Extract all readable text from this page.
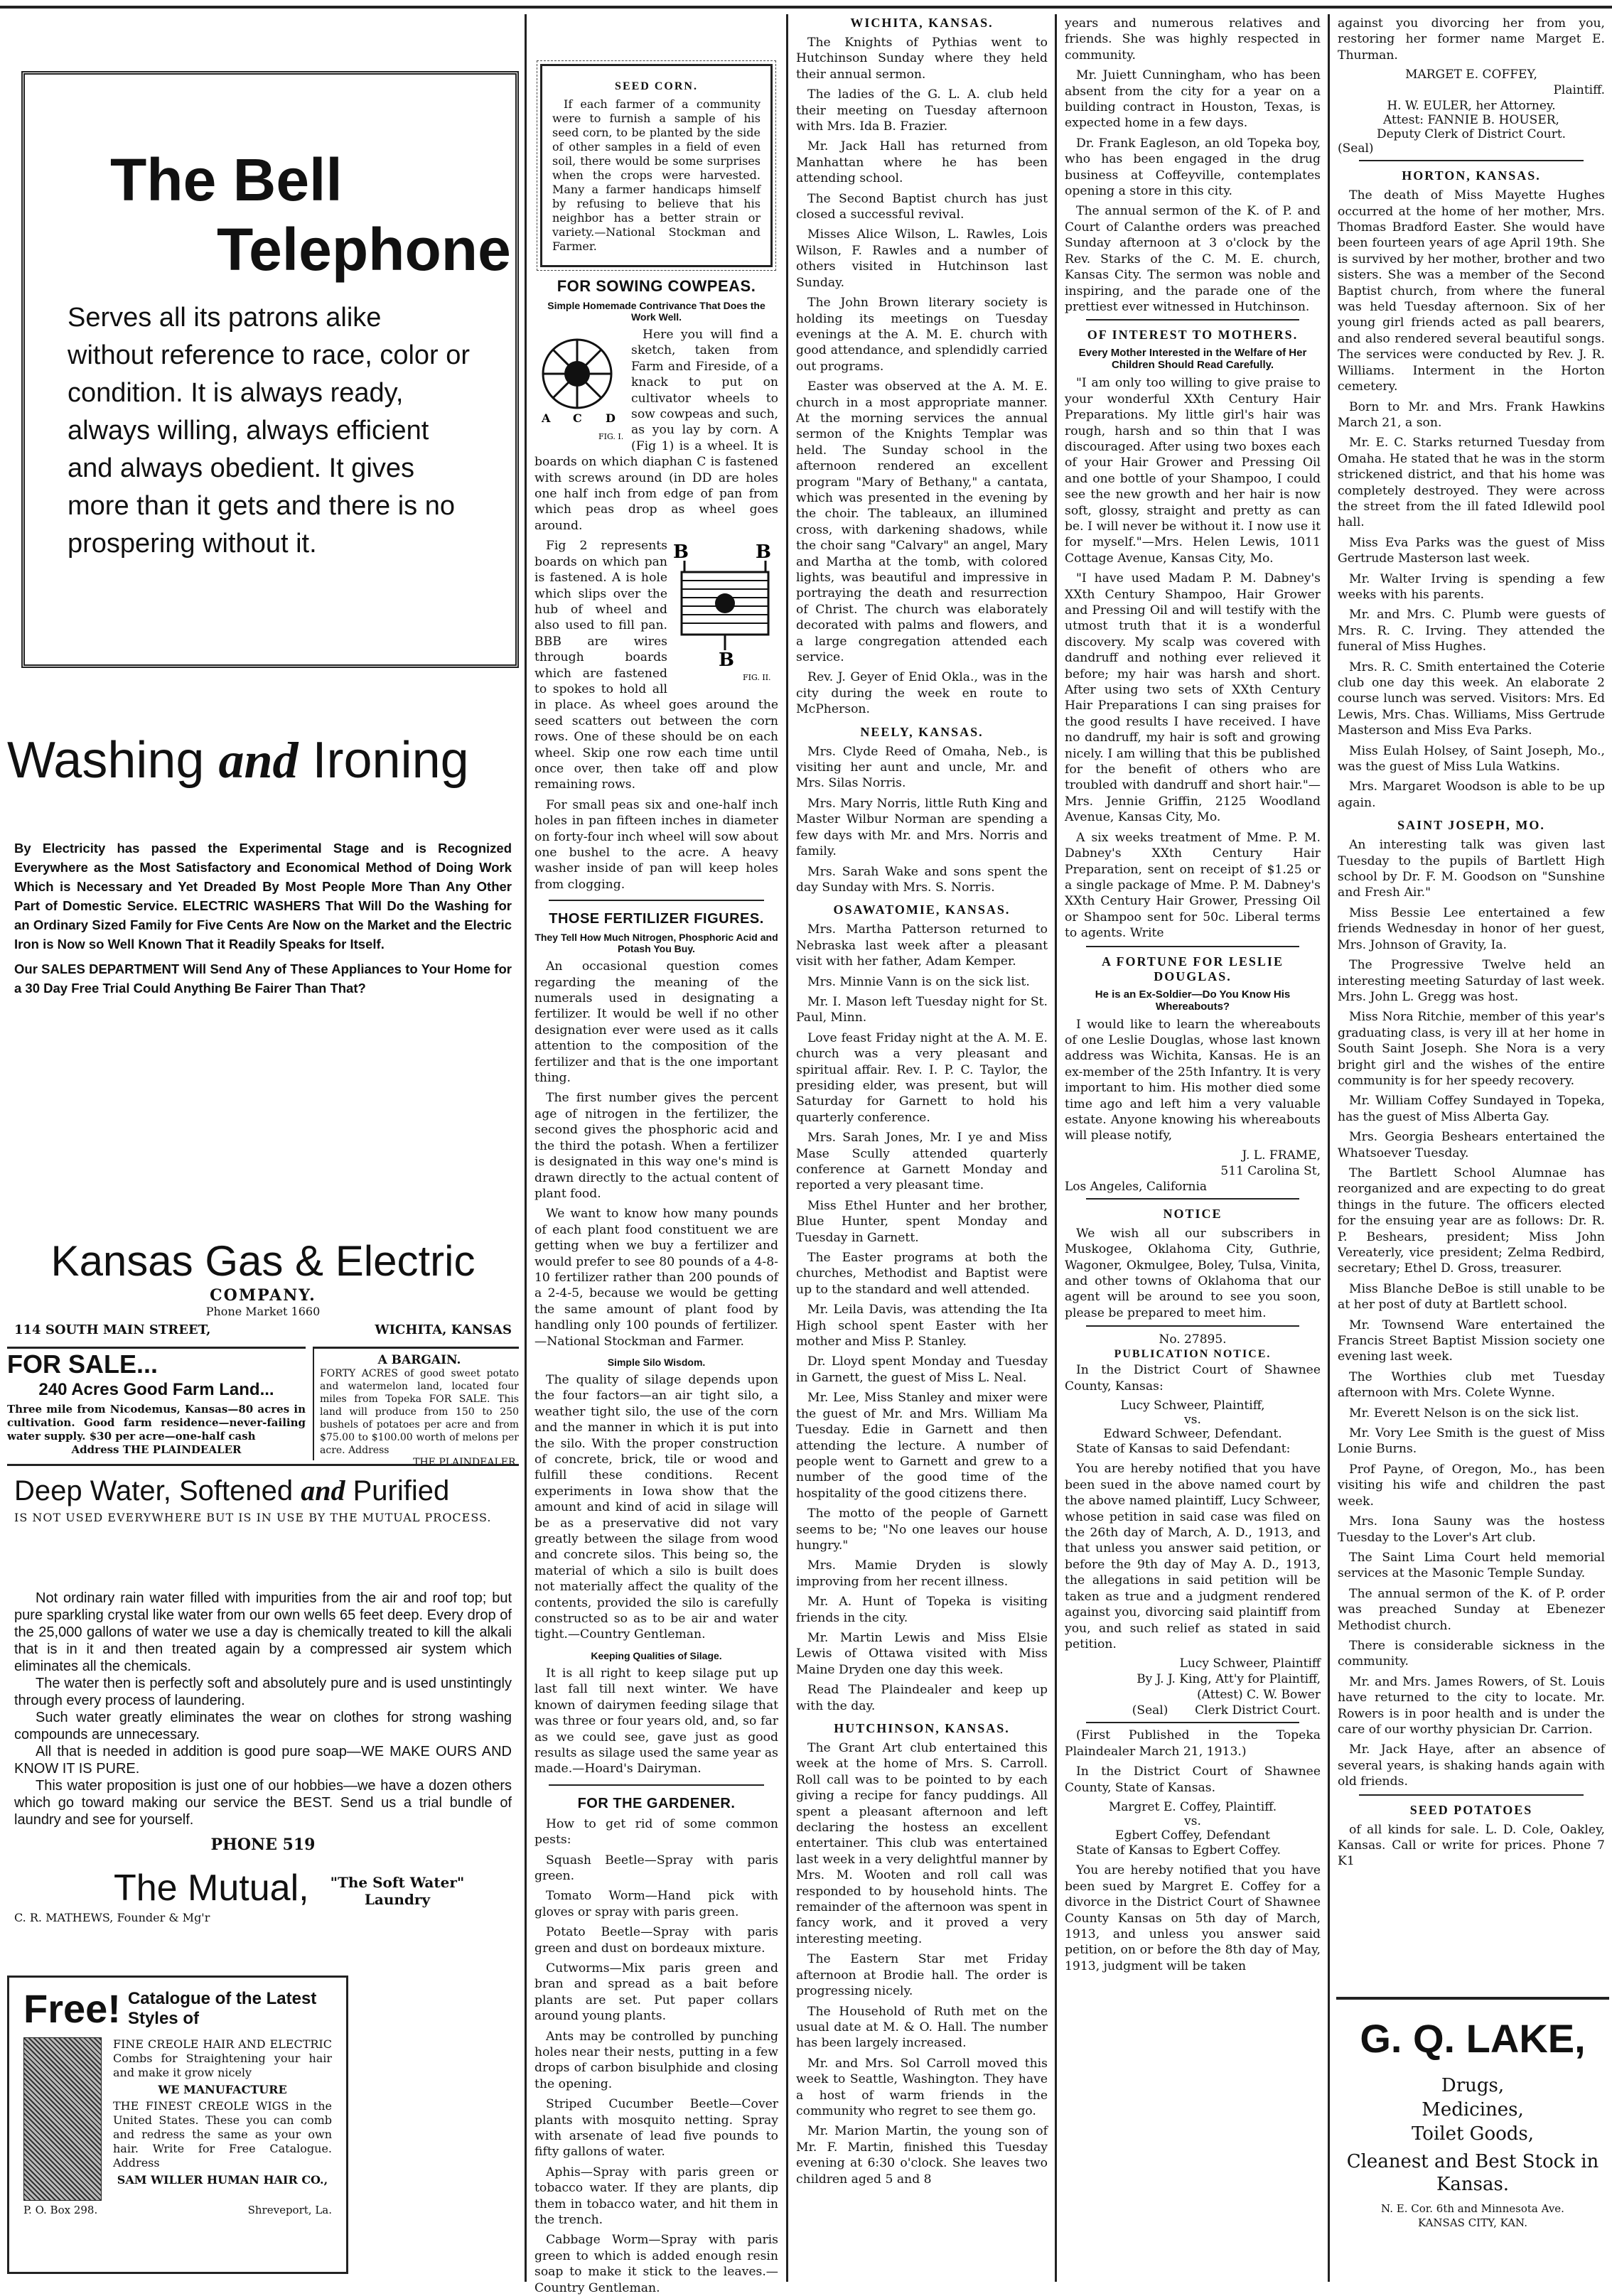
The Bell
Telephone
Serves all its patrons alike without reference to race, color or condition. It is always ready, always willing, always efficient and always obedient. It gives more than it gets and there is no prospering without it.
Washing and Ironing
By Electricity has passed the Experimental Stage and is Recognized Everywhere as the Most Satisfactory and Economical Method of Doing Work Which is Necessary and Yet Dreaded By Most People More Than Any Other Part of Domestic Service. ELECTRIC WASHERS That Will Do the Washing for an Ordinary Sized Family for Five Cents Are Now on the Market and the Electric Iron is Now so Well Known That it Readily Speaks for Itself.
Our SALES DEPARTMENT Will Send Any of These Appliances to Your Home for a 30 Day Free Trial Could Anything Be Fairer Than That?
Kansas Gas & Electric
COMPANY.
Phone Market 1660
114 SOUTH MAIN STREET,	WICHITA, KANSAS
FOR SALE...
240 Acres Good Farm Land...
Three mile from Nicodemus, Kansas—80 acres in cultivation. Good farm residence—never-failing water supply. $30 per acre—one-half cash
Address THE PLAINDEALER
A BARGAIN.
FORTY ACRES of good sweet potato and watermelon land, located four miles from Topeka FOR SALE. This land will produce from 150 to 250 bushels of potatoes per acre and from $75.00 to $100.00 worth of melons per acre. Address
THE PLAINDEALER.
Deep Water, Softened and Purified
IS NOT USED EVERYWHERE BUT IS IN USE BY THE MUTUAL PROCESS.
Not ordinary rain water filled with impurities from the air and roof top; but pure sparkling crystal like water from our own wells 65 feet deep. Every drop of the 25,000 gallons of water we use a day is chemically treated to kill the alkali that is in it and then treated again by a compressed air system which eliminates all the chemicals.
The water then is perfectly soft and absolutely pure and is used unstintingly through every process of laundering.
Such water greatly eliminates the wear on clothes for strong washing compounds are unnecessary.
All that is needed in addition is good pure soap—WE MAKE OURS AND KNOW IT IS PURE.
This water proposition is just one of our hobbies—we have a dozen others which go toward making our service the BEST. Send us a trial bundle of laundry and see for yourself.
PHONE 519
The Mutual, "The Soft Water"
Laundry
C. R. MATHEWS, Founder & Mg'r
Free! Catalogue of the Latest Styles of
FINE CREOLE HAIR AND ELECTRIC Combs for Straightening your hair and make it grow nicely
WE MANUFACTURE
THE FINEST CREOLE WIGS in the United States. These you can comb and redress the same as your own hair. Write for Free Catalogue. Address
SAM WILLER HUMAN HAIR CO.,
P. O. Box 298.	Shreveport, La.
SEED CORN.

If each farmer of a community were to furnish a sample of his seed corn, to be planted by the side of other samples in a field of even soil, there would be some surprises when the crops were harvested. Many a farmer handicaps himself by refusing to believe that his neighbor has a better strain or variety.—National Stockman and Farmer.

FOR SOWING COWPEAS.
Simple Homemade Contrivance That Does the Work Well.
A C D
FIG. I.

Here you will find a sketch, taken from Farm and Fireside, of a knack to put on cultivator wheels to sow cowpeas and such, as you lay by corn. A (Fig 1) is a wheel. It is boards on which diaphan C is fastened with screws around (in DD are holes one half inch from edge of pan from which peas drop as wheel goes around.

B	B
B
FIG. II.

Fig 2 represents boards on which pan is fastened. A is hole which slips over the hub of wheel and also used to fill pan. BBB are wires through boards which are fastened to spokes to hold all in place. As wheel goes around the seed scatters out between the corn rows. One of these should be on each wheel. Skip one row each time until once over, then take off and plow remaining rows.

For small peas six and one-half inch holes in pan fifteen inches in diameter on forty-four inch wheel will sow about one bushel to the acre. A heavy washer inside of pan will keep holes from clogging.

THOSE FERTILIZER FIGURES.
They Tell How Much Nitrogen, Phosphoric Acid and Potash You Buy.

An occasional question comes regarding the meaning of the numerals used in designating a fertilizer. It would be well if no other designation ever were used as it calls attention to the composition of the fertilizer and that is the one important thing.

The first number gives the percent age of nitrogen in the fertilizer, the second gives the phosphoric acid and the third the potash. When a fertilizer is designated in this way one's mind is drawn directly to the actual content of plant food.

We want to know how many pounds of each plant food constituent we are getting when we buy a fertilizer and would prefer to see 80 pounds of a 4-8-10 fertilizer rather than 200 pounds of a 2-4-5, because we would be getting the same amount of plant food by handling only 100 pounds of fertilizer.—National Stockman and Farmer.

Simple Silo Wisdom.

The quality of silage depends upon the four factors—an air tight silo, a weather tight silo, the use of the corn and the manner in which it is put into the silo. With the proper construction of concrete, brick, tile or wood and fulfill these conditions. Recent experiments in Iowa show that the amount and kind of acid in silage will be as a preservative did not vary greatly between the silage from wood and concrete silos. This being so, the material of which a silo is built does not materially affect the quality of the contents, provided the silo is carefully constructed so as to be air and water tight.—Country Gentleman.

Keeping Qualities of Silage.

It is all right to keep silage put up last fall till next winter. We have known of dairymen feeding silage that was three or four years old, and, so far as we could see, gave just as good results as silage used the same year as made.—Hoard's Dairyman.

FOR THE GARDENER.

How to get rid of some common pests:

Squash Beetle—Spray with paris green.

Tomato Worm—Hand pick with gloves or spray with paris green.

Potato Beetle—Spray with paris green and dust on bordeaux mixture.

Cutworms—Mix paris green and bran and spread as a bait before plants are set. Put paper collars around young plants.

Ants may be controlled by punching holes near their nests, putting in a few drops of carbon bisulphide and closing the opening.

Striped Cucumber Beetle—Cover plants with mosquito netting. Spray with arsenate of lead five pounds to fifty gallons of water.

Aphis—Spray with paris green or tobacco water. If they are plants, dip them in tobacco water, and hit them in the trench.

Cabbage Worm—Spray with paris green to which is added enough resin soap to make it stick to the leaves.—Country Gentleman.

WICHITA, KANSAS.

The Knights of Pythias went to Hutchinson Sunday where they held their annual sermon.

The ladies of the G. L. A. club held their meeting on Tuesday afternoon with Mrs. Ida B. Frazier.

Mr. Jack Hall has returned from Manhattan where he has been attending school.

The Second Baptist church has just closed a successful revival.

Misses Alice Wilson, L. Rawles, Lois Wilson, F. Rawles and a number of others visited in Hutchinson last Sunday.

The John Brown literary society is holding its meetings on Tuesday evenings at the A. M. E. church with good attendance, and splendidly carried out programs.

Easter was observed at the A. M. E. church in a most appropriate manner. At the morning services the annual sermon of the Knights Templar was held. The Sunday school in the afternoon rendered an excellent program "Mary of Bethany," a cantata, which was presented in the evening by the choir. The tableaux, an illumined cross, with darkening shadows, while the choir sang "Calvary" an angel, Mary and Martha at the tomb, with colored lights, was beautiful and impressive in portraying the death and resurrection of Christ. The church was elaborately decorated with palms and flowers, and a large congregation attended each service.

Rev. J. Geyer of Enid Okla., was in the city during the week en route to McPherson.

NEELY, KANSAS.

Mrs. Clyde Reed of Omaha, Neb., is visiting her aunt and uncle, Mr. and Mrs. Silas Norris.

Mrs. Mary Norris, little Ruth King and Master Wilbur Norman are spending a few days with Mr. and Mrs. Norris and family.

Mrs. Sarah Wake and sons spent the day Sunday with Mrs. S. Norris.

OSAWATOMIE, KANSAS.

Mrs. Martha Patterson returned to Nebraska last week after a pleasant visit with her father, Adam Kemper.

Mrs. Minnie Vann is on the sick list.

Mr. I. Mason left Tuesday night for St. Paul, Minn.

Love feast Friday night at the A. M. E. church was a very pleasant and spiritual affair. Rev. I. P. C. Taylor, the presiding elder, was present, but will Saturday for Garnett to hold his quarterly conference.

Mrs. Sarah Jones, Mr. I ye and Miss Mase Scully attended quarterly conference at Garnett Monday and reported a very pleasant time.

Miss Ethel Hunter and her brother, Blue Hunter, spent Monday and Tuesday in Garnett.

The Easter programs at both the churches, Methodist and Baptist were up to the standard and well attended.

Mr. Leila Davis, was attending the Ita High school spent Easter with her mother and Miss P. Stanley.

Dr. Lloyd spent Monday and Tuesday in Garnett, the guest of Miss L. Neal.

Mr. Lee, Miss Stanley and mixer were the guest of Mr. and Mrs. William Ma Tuesday. Edie in Garnett and then attending the lecture. A number of people went to Garnett and grew to a number of the good time of the hospitality of the good citizens there.

The motto of the people of Garnett seems to be; "No one leaves our house hungry."

Mrs. Mamie Dryden is slowly improving from her recent illness.

Mr. A. Hunt of Topeka is visiting friends in the city.

Mr. Martin Lewis and Miss Elsie Lewis of Ottawa visited with Miss Maine Dryden one day this week.

Read The Plaindealer and keep up with the day.

HUTCHINSON, KANSAS.

The Grant Art club entertained this week at the home of Mrs. S. Carroll. Roll call was to be pointed to by each giving a recipe for fancy puddings. All spent a pleasant afternoon and left declaring the hostess an excellent entertainer. This club was entertained last week in a very delightful manner by Mrs. M. Wooten and roll call was responded to by household hints. The remainder of the afternoon was spent in fancy work, and it proved a very interesting meeting.

The Eastern Star met Friday afternoon at Brodie hall. The order is progressing nicely.

The Household of Ruth met on the usual date at M. & O. Hall. The number has been largely increased.

Mr. and Mrs. Sol Carroll moved this week to Seattle, Washington. They have a host of warm friends in the community who regret to see them go.

Mr. Marion Martin, the young son of Mr. F. Martin, finished this Tuesday evening at 6:30 o'clock. She leaves two children aged 5 and 8

years and numerous relatives and friends. She was highly respected in community.

Mr. Juiett Cunningham, who has been absent from the city for a year on a building contract in Houston, Texas, is expected home in a few days.

Dr. Frank Eagleson, an old Topeka boy, who has been engaged in the drug business at Coffeyville, contemplates opening a store in this city.

The annual sermon of the K. of P. and Court of Calanthe orders was preached Sunday afternoon at 3 o'clock by the Rev. Starks of the C. M. E. church, Kansas City. The sermon was noble and inspiring, and the parade one of the prettiest ever witnessed in Hutchinson.

OF INTEREST TO MOTHERS.
Every Mother Interested in the Welfare of Her Children Should Read Carefully.

"I am only too willing to give praise to your wonderful XXth Century Hair Preparations. My little girl's hair was rough, harsh and so thin that I was discouraged. After using two boxes each of your Hair Grower and Pressing Oil and one bottle of your Shampoo, I could see the new growth and her hair is now soft, glossy, straight and pretty as can be. I will never be without it. I now use it for myself."—Mrs. Helen Lewis, 1011 Cottage Avenue, Kansas City, Mo.

"I have used Madam P. M. Dabney's XXth Century Shampoo, Hair Grower and Pressing Oil and will testify with the utmost truth that it is a wonderful discovery. My scalp was covered with dandruff and nothing ever relieved it before; my hair was harsh and short. After using two sets of XXth Century Hair Preparations I can sing praises for the good results I have received. I have no dandruff, my hair is soft and growing nicely. I am willing that this be published for the benefit of others who are troubled with dandruff and short hair."—Mrs. Jennie Griffin, 2125 Woodland Avenue, Kansas City, Mo.

A six weeks treatment of Mme. P. M. Dabney's XXth Century Hair Preparation, sent on receipt of $1.25 or a single package of Mme. P. M. Dabney's XXth Century Hair Grower, Pressing Oil or Shampoo sent for 50c. Liberal terms to agents. Write

A FORTUNE FOR LESLIE DOUGLAS.
He is an Ex-Soldier—Do You Know His Whereabouts?

I would like to learn the whereabouts of one Leslie Douglas, whose last known address was Wichita, Kansas. He is an ex-member of the 25th Infantry. It is very important to him. His mother died some time ago and left him a very valuable estate. Anyone knowing his whereabouts will please notify,

J. L. FRAME,
511 Carolina St,
Los Angeles, California
NOTICE

We wish all our subscribers in Muskogee, Oklahoma City, Guthrie, Wagoner, Okmulgee, Boley, Tulsa, Vinita, and other towns of Oklahoma that our agent will be around to see you soon, please be prepared to meet him.

No. 27895.
PUBLICATION NOTICE.

In the District Court of Shawnee County, Kansas:

Lucy Schweer, Plaintiff,
vs.
Edward Schweer, Defendant.

State of Kansas to said Defendant:

You are hereby notified that you have been sued in the above named court by the above named plaintiff, Lucy Schweer, whose petition in said case was filed on the 26th day of March, A. D., 1913, and that unless you answer said petition, or before the 9th day of May A. D., 1913, the allegations in said petition will be taken as true and a judgment rendered against you, divorcing said plaintiff from you, and such relief as stated in said petition.

Lucy Schweer, Plaintiff
By J. J. King, Att'y for Plaintiff,
(Attest) C. W. Bower
(Seal)       Clerk District Court.

(First Published in the Topeka Plaindealer March 21, 1913.)

In the District Court of Shawnee County, State of Kansas.

Margret E. Coffey, Plaintiff.
vs.
Egbert Coffey, Defendant

State of Kansas to Egbert Coffey.

You are hereby notified that you have been sued by Margret E. Coffey for a divorce in the District Court of Shawnee County Kansas on 5th day of March, 1913, and unless you answer said petition, on or before the 8th day of May, 1913, judgment will be taken

against you divorcing her from you, restoring her former name Marget E. Thurman.

MARGET E. COFFEY,
Plaintiff.
H. W. EULER, her Attorney.
Attest: FANNIE B. HOUSER,
Deputy Clerk of District Court.
(Seal)
HORTON, KANSAS.

The death of Miss Mayette Hughes occurred at the home of her mother, Mrs. Thomas Bradford Easter. She would have been fourteen years of age April 19th. She is survived by her mother, brother and two sisters. She was a member of the Second Baptist church, from where the funeral was held Tuesday afternoon. Six of her young girl friends acted as pall bearers, and also rendered several beautiful songs. The services were conducted by Rev. J. R. Williams. Interment in the Horton cemetery.

Born to Mr. and Mrs. Frank Hawkins March 21, a son.

Mr. E. C. Starks returned Tuesday from Omaha. He stated that he was in the storm strickened district, and that his home was completely destroyed. They were across the street from the ill fated Idlewild pool hall.

Miss Eva Parks was the guest of Miss Gertrude Masterson last week.

Mr. Walter Irving is spending a few weeks with his parents.

Mr. and Mrs. C. Plumb were guests of Mrs. R. C. Irving. They attended the funeral of Miss Hughes.

Mrs. R. C. Smith entertained the Coterie club one day this week. An elaborate 2 course lunch was served. Visitors: Mrs. Ed Lewis, Mrs. Chas. Williams, Miss Gertrude Masterson and Miss Eva Parks.

Miss Eulah Holsey, of Saint Joseph, Mo., was the guest of Miss Lula Watkins.

Mrs. Margaret Woodson is able to be up again.

SAINT JOSEPH, MO.

An interesting talk was given last Tuesday to the pupils of Bartlett High school by Dr. F. M. Goodson on "Sunshine and Fresh Air."

Miss Bessie Lee entertained a few friends Wednesday in honor of her guest, Mrs. Johnson of Gravity, Ia.

The Progressive Twelve held an interesting meeting Saturday of last week. Mrs. John L. Gregg was host.

Miss Nora Ritchie, member of this year's graduating class, is very ill at her home in South Saint Joseph. She Nora is a very bright girl and the wishes of the entire community is for her speedy recovery.

Mr. William Coffey Sundayed in Topeka, has the guest of Miss Alberta Gay.

Mrs. Georgia Beshears entertained the Whatsoever Tuesday.

The Bartlett School Alumnae has reorganized and are expecting to do great things in the future. The officers elected for the ensuing year are as follows: Dr. R. P. Beshears, president; Miss John Vereaterly, vice president; Zelma Redbird, secretary; Ethel D. Gross, treasurer.

Miss Blanche DeBoe is still unable to be at her post of duty at Bartlett school.

Mr. Townsend Ware entertained the Francis Street Baptist Mission society one evening last week.

The Worthies club met Tuesday afternoon with Mrs. Colete Wynne.

Mr. Everett Nelson is on the sick list.

Mr. Vory Lee Smith is the guest of Miss Lonie Burns.

Prof Payne, of Oregon, Mo., has been visiting his wife and children the past week.

Mrs. Iona Sauny was the hostess Tuesday to the Lover's Art club.

The Saint Lima Court held memorial services at the Masonic Temple Sunday.

The annual sermon of the K. of P. order was preached Sunday at Ebenezer Methodist church.

There is considerable sickness in the community.

Mr. and Mrs. James Rowers, of St. Louis have returned to the city to locate. Mr. Rowers is in poor health and is under the care of our worthy physician Dr. Carrion.

Mr. Jack Haye, after an absence of several years, is shaking hands again with old friends.

SEED POTATOES

of all kinds for sale. L. D. Cole, Oakley, Kansas. Call or write for prices. Phone 7 K1

G. Q. LAKE,
Drugs,
Medicines,
Toilet Goods,
Cleanest and Best Stock in Kansas.
N. E. Cor. 6th and Minnesota Ave.
KANSAS CITY, KAN.
